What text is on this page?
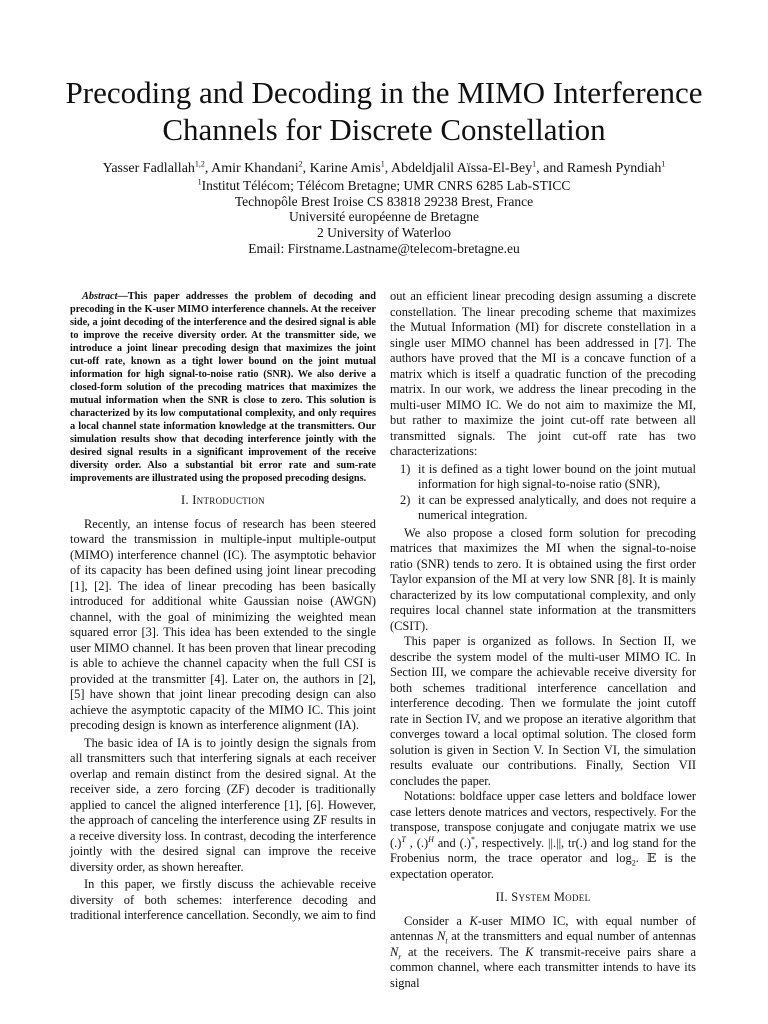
Precoding and Decoding in the MIMO Interference Channels for Discrete Constellation
Yasser Fadlallah$^{1,2}$, Amir Khandani$^2$, Karine Amis$^1$, Abdeldjalil Aïssa-El-Bey$^1$, and Ramesh Pyndiah$^1$
$^1$Institut Télécom; Télécom Bretagne; UMR CNRS 6285 Lab-STICC
Technopôle Brest Iroise CS 83818 29238 Brest, France
Université européenne de Bretagne
2 University of Waterloo
Email: Firstname.Lastname@telecom-bretagne.eu

Abstract—This paper addresses the problem of decoding and precoding in the K-user MIMO interference channels. At the receiver side, a joint decoding of the interference and the desired signal is able to improve the receive diversity order. At the transmitter side, we introduce a joint linear precoding design that maximizes the joint cut-off rate, known as a tight lower bound on the joint mutual information for high signal-to-noise ratio (SNR). We also derive a closed-form solution of the precoding matrices that maximizes the mutual information when the SNR is close to zero. This solution is characterized by its low computational complexity, and only requires a local channel state information knowledge at the transmitters. Our simulation results show that decoding interference jointly with the desired signal results in a significant improvement of the receive diversity order. Also a substantial bit error rate and sum-rate improvements are illustrated using the proposed precoding designs.

I. Introduction

Recently, an intense focus of research has been steered toward the transmission in multiple-input multiple-output (MIMO) interference channel (IC). The asymptotic behavior of its capacity has been defined using joint linear precoding [1], [2]. The idea of linear precoding has been basically introduced for additional white Gaussian noise (AWGN) channel, with the goal of minimizing the weighted mean squared error [3]. This idea has been extended to the single user MIMO channel. It has been proven that linear precoding is able to achieve the channel capacity when the full CSI is provided at the transmitter [4]. Later on, the authors in [2], [5] have shown that joint linear precoding design can also achieve the asymptotic capacity of the MIMO IC. This joint precoding design is known as interference alignment (IA).

The basic idea of IA is to jointly design the signals from all transmitters such that interfering signals at each receiver overlap and remain distinct from the desired signal. At the receiver side, a zero forcing (ZF) decoder is traditionally applied to cancel the aligned interference [1], [6]. However, the approach of canceling the interference using ZF results in a receive diversity loss. In contrast, decoding the interference jointly with the desired signal can improve the receive diversity order, as shown hereafter.

In this paper, we firstly discuss the achievable receive diversity of both schemes: interference decoding and traditional interference cancellation. Secondly, we aim to find

out an efficient linear precoding design assuming a discrete constellation. The linear precoding scheme that maximizes the Mutual Information (MI) for discrete constellation in a single user MIMO channel has been addressed in [7]. The authors have proved that the MI is a concave function of a matrix which is itself a quadratic function of the precoding matrix. In our work, we address the linear precoding in the multi-user MIMO IC. We do not aim to maximize the MI, but rather to maximize the joint cut-off rate between all transmitted signals. The joint cut-off rate has two characterizations:

1) it is defined as a tight lower bound on the joint mutual information for high signal-to-noise ratio (SNR),
2) it can be expressed analytically, and does not require a numerical integration.

We also propose a closed form solution for precoding matrices that maximizes the MI when the signal-to-noise ratio (SNR) tends to zero. It is obtained using the first order Taylor expansion of the MI at very low SNR [8]. It is mainly characterized by its low computational complexity, and only requires local channel state information at the transmitters (CSIT).

This paper is organized as follows. In Section II, we describe the system model of the multi-user MIMO IC. In Section III, we compare the achievable receive diversity for both schemes traditional interference cancellation and interference decoding. Then we formulate the joint cutoff rate in Section IV, and we propose an iterative algorithm that converges toward a local optimal solution. The closed form solution is given in Section V. In Section VI, the simulation results evaluate our contributions. Finally, Section VII concludes the paper.

Notations: boldface upper case letters and boldface lower case letters denote matrices and vectors, respectively. For the transpose, transpose conjugate and conjugate matrix we use (.)$^T$ , (.)$^H$ and (.)*, respectively. ||.||, tr(.) and log stand for the Frobenius norm, the trace operator and $\log_2$. 𝔼 is the expectation operator.

II. System Model

Consider a K-user MIMO IC, with equal number of antennas $N_t$ at the transmitters and equal number of antennas $N_r$ at the receivers. The K transmit-receive pairs share a common channel, where each transmitter intends to have its signal
